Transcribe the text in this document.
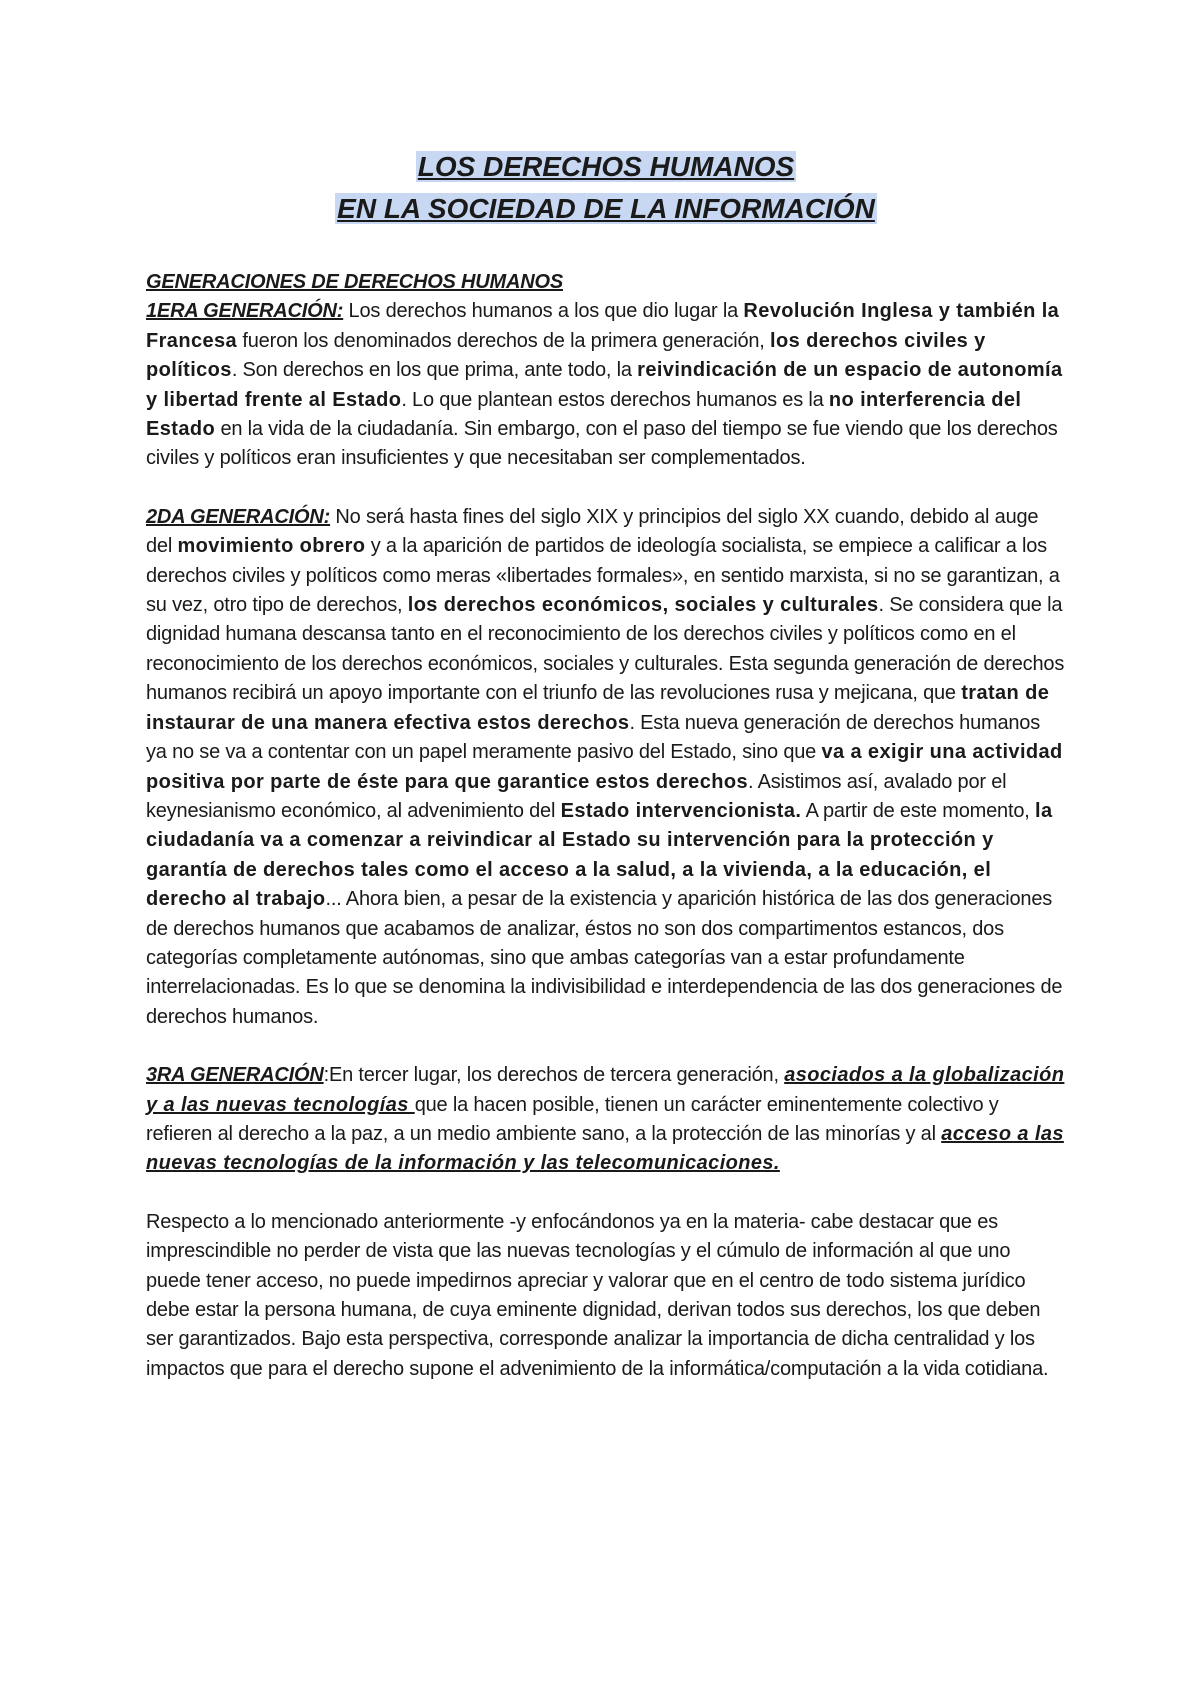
LOS DERECHOS HUMANOS
EN LA SOCIEDAD DE LA INFORMACIÓN

GENERACIONES DE DERECHOS HUMANOS

1ERA GENERACIÓN: Los derechos humanos a los que dio lugar la Revolución Inglesa y también la Francesa fueron los denominados derechos de la primera generación, los derechos civiles y políticos. Son derechos en los que prima, ante todo, la reivindicación de un espacio de autonomía y libertad frente al Estado. Lo que plantean estos derechos humanos es la no interferencia del Estado en la vida de la ciudadanía. Sin embargo, con el paso del tiempo se fue viendo que los derechos civiles y políticos eran insuficientes y que necesitaban ser complementados.

2DA GENERACIÓN: No será hasta fines del siglo XIX y principios del siglo XX cuando, debido al auge del movimiento obrero y a la aparición de partidos de ideología socialista, se empiece a calificar a los derechos civiles y políticos como meras «libertades formales», en sentido marxista, si no se garantizan, a su vez, otro tipo de derechos, los derechos económicos, sociales y culturales. Se considera que la dignidad humana descansa tanto en el reconocimiento de los derechos civiles y políticos como en el reconocimiento de los derechos económicos, sociales y culturales. Esta segunda generación de derechos humanos recibirá un apoyo importante con el triunfo de las revoluciones rusa y mejicana, que tratan de instaurar de una manera efectiva estos derechos. Esta nueva generación de derechos humanos ya no se va a contentar con un papel meramente pasivo del Estado, sino que va a exigir una actividad positiva por parte de éste para que garantice estos derechos. Asistimos así, avalado por el keynesianismo económico, al advenimiento del Estado intervencionista. A partir de este momento, la ciudadanía va a comenzar a reivindicar al Estado su intervención para la protección y garantía de derechos tales como el acceso a la salud, a la vivienda, a la educación, el derecho al trabajo... Ahora bien, a pesar de la existencia y aparición histórica de las dos generaciones de derechos humanos que acabamos de analizar, éstos no son dos compartimentos estancos, dos categorías completamente autónomas, sino que ambas categorías van a estar profundamente interrelacionadas. Es lo que se denomina la indivisibilidad e interdependencia de las dos generaciones de derechos humanos.

3RA GENERACIÓN:En tercer lugar, los derechos de tercera generación, asociados a la globalización y a las nuevas tecnologías que la hacen posible, tienen un carácter eminentemente colectivo y refieren al derecho a la paz, a un medio ambiente sano, a la protección de las minorías y al acceso a las nuevas tecnologías de la información y las telecomunicaciones.

Respecto a lo mencionado anteriormente -y enfocándonos ya en la materia- cabe destacar que es imprescindible no perder de vista que las nuevas tecnologías y el cúmulo de información al que uno puede tener acceso, no puede impedirnos apreciar y valorar que en el centro de todo sistema jurídico debe estar la persona humana, de cuya eminente dignidad, derivan todos sus derechos, los que deben ser garantizados. Bajo esta perspectiva, corresponde analizar la importancia de dicha centralidad y los impactos que para el derecho supone el advenimiento de la informática/computación a la vida cotidiana.
